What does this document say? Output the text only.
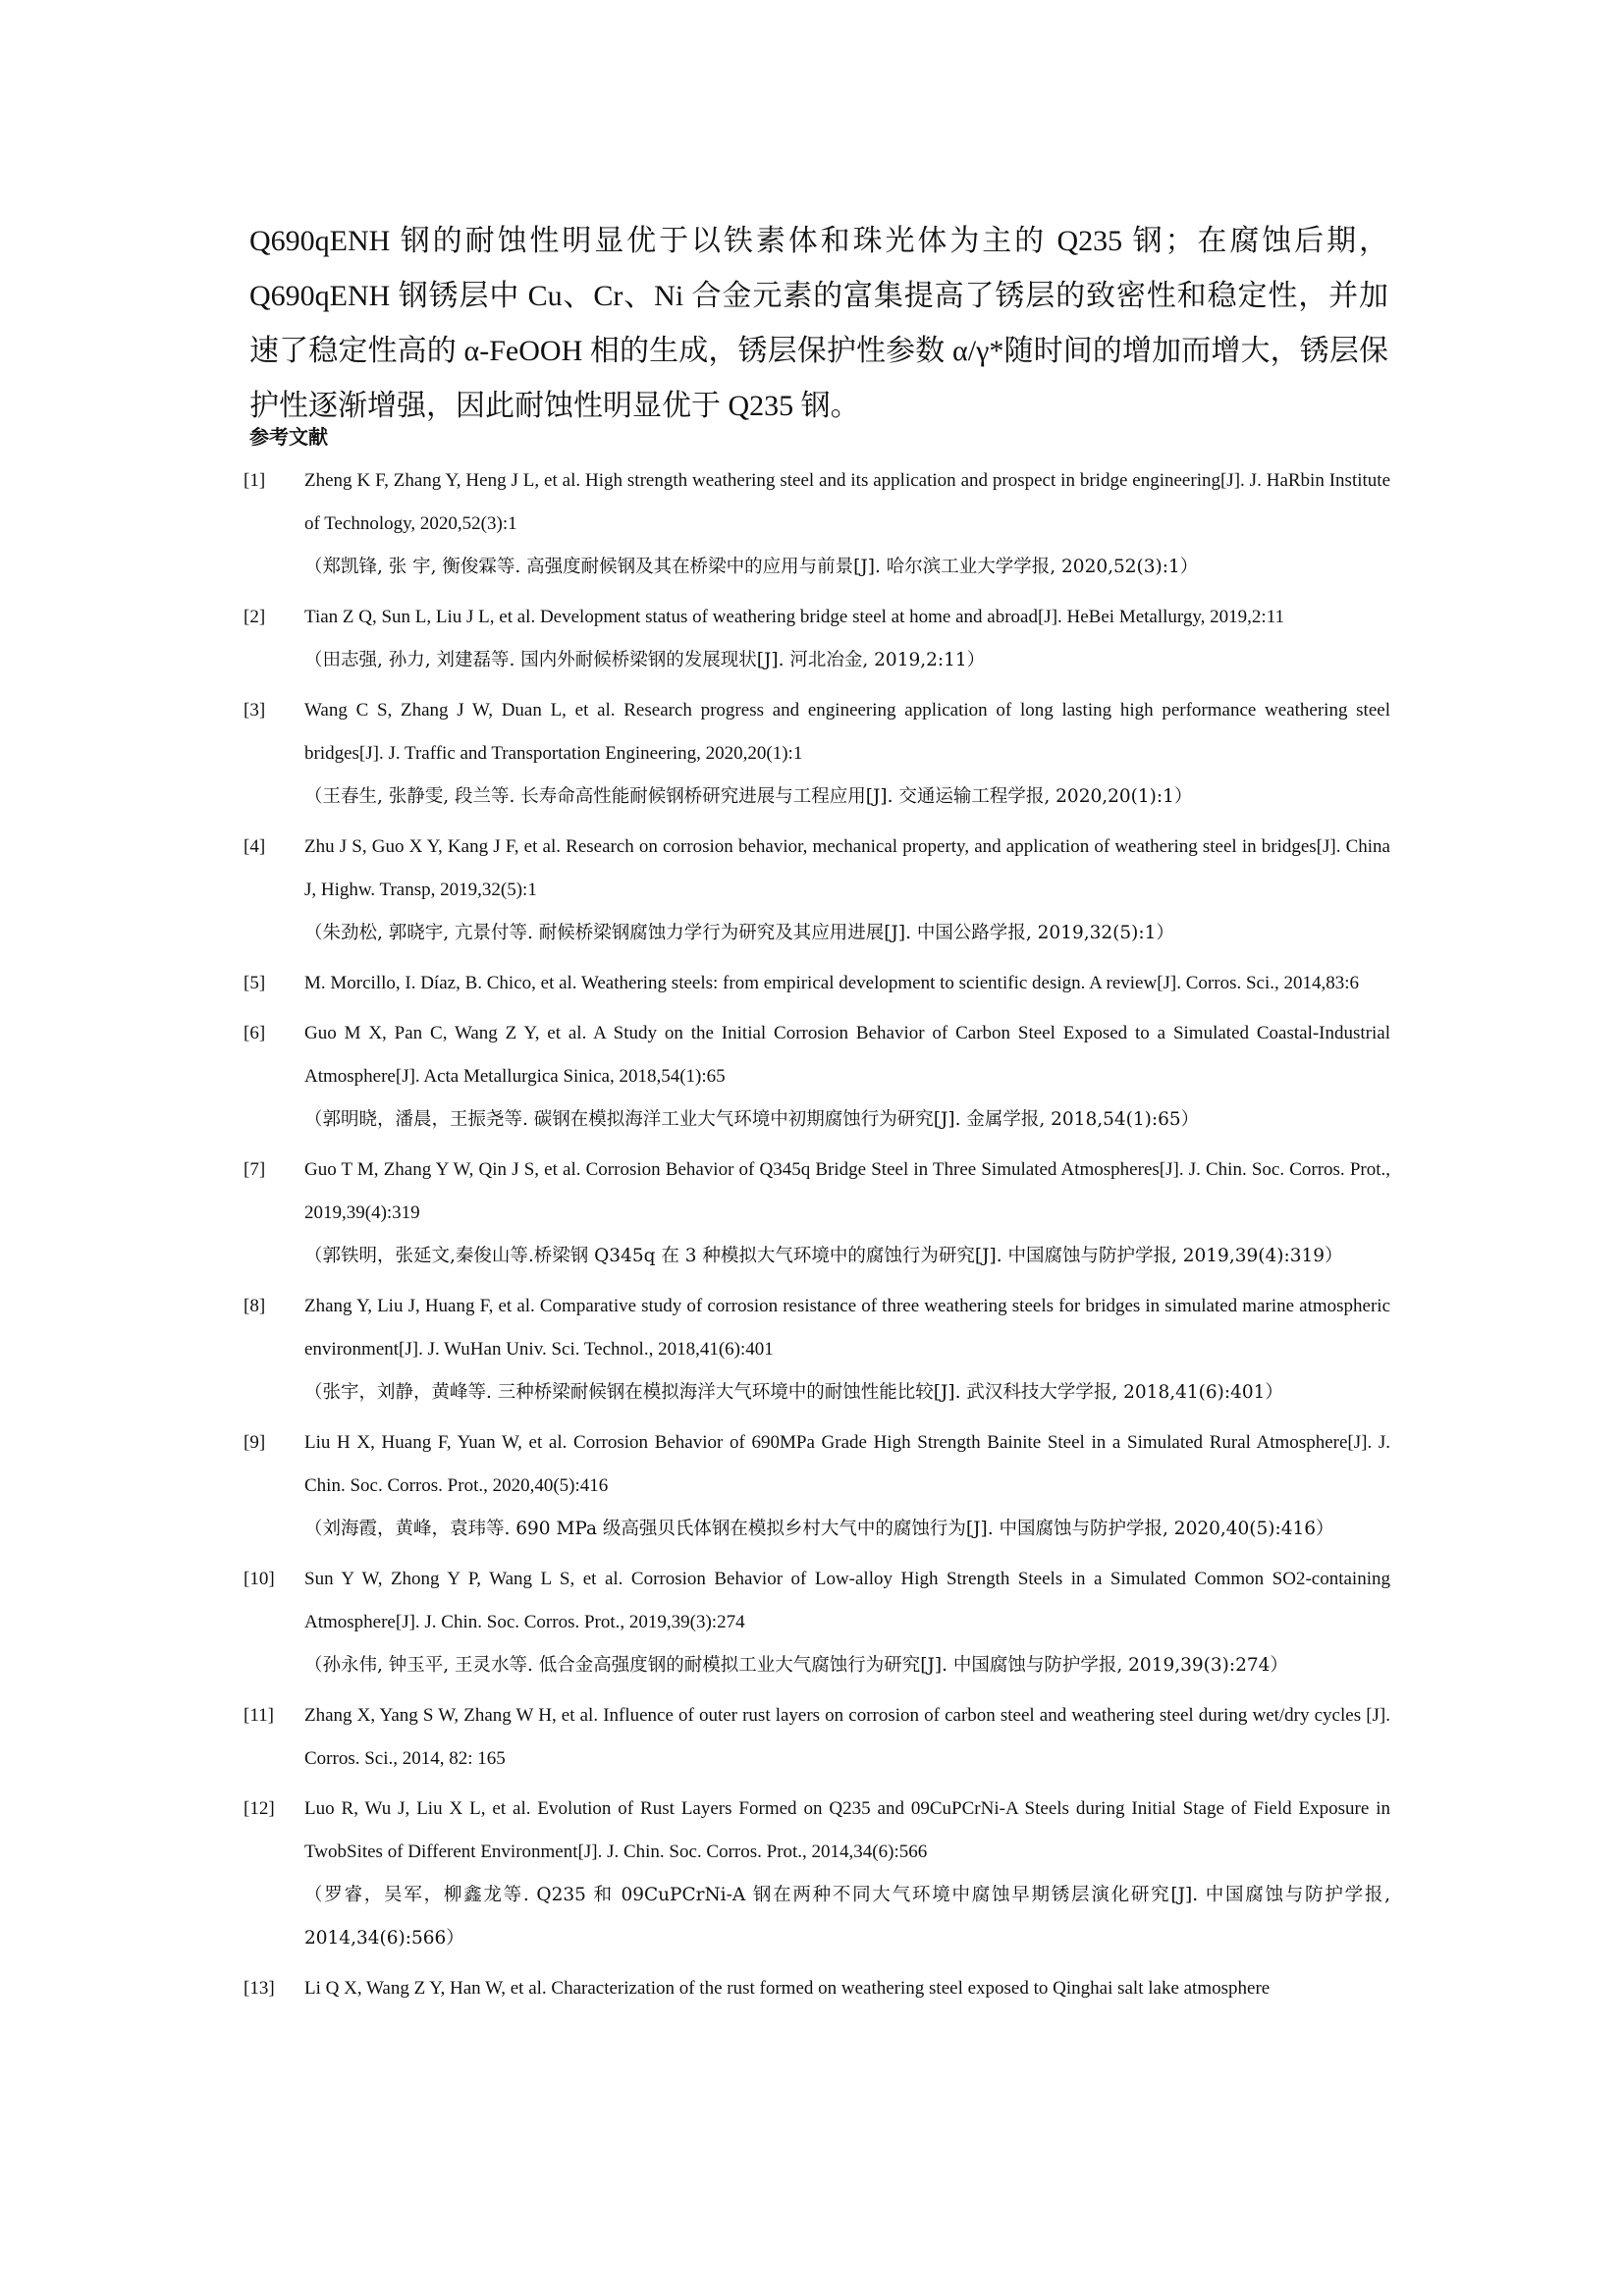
Q690qENH 钢的耐蚀性明显优于以铁素体和珠光体为主的 Q235 钢；在腐蚀后期，Q690qENH 钢锈层中 Cu、Cr、Ni 合金元素的富集提高了锈层的致密性和稳定性，并加速了稳定性高的 α-FeOOH 相的生成，锈层保护性参数 α/γ*随时间的增加而增大，锈层保护性逐渐增强，因此耐蚀性明显优于 Q235 钢。

参考文献
[1] Zheng K F, Zhang Y, Heng J L, et al. High strength weathering steel and its application and prospect in bridge engineering[J]. J. HaRbin Institute of Technology, 2020,52(3):1
（郑凯锋, 张 宇, 衡俊霖等. 高强度耐候钢及其在桥梁中的应用与前景[J]. 哈尔滨工业大学学报, 2020,52(3):1）
[2] Tian Z Q, Sun L, Liu J L, et al. Development status of weathering bridge steel at home and abroad[J]. HeBei Metallurgy, 2019,2:11
（田志强, 孙力, 刘建磊等. 国内外耐候桥梁钢的发展现状[J]. 河北冶金, 2019,2:11）
[3] Wang C S, Zhang J W, Duan L, et al. Research progress and engineering application of long lasting high performance weathering steel bridges[J]. J. Traffic and Transportation Engineering, 2020,20(1):1
（王春生, 张静雯, 段兰等. 长寿命高性能耐候钢桥研究进展与工程应用[J]. 交通运输工程学报, 2020,20(1):1）
[4] Zhu J S, Guo X Y, Kang J F, et al. Research on corrosion behavior, mechanical property, and application of weathering steel in bridges[J]. China J, Highw. Transp, 2019,32(5):1
（朱劲松, 郭晓宇, 亢景付等. 耐候桥梁钢腐蚀力学行为研究及其应用进展[J]. 中国公路学报, 2019,32(5):1）
[5] M. Morcillo, I. Díaz, B. Chico, et al. Weathering steels: from empirical development to scientific design. A review[J]. Corros. Sci., 2014,83:6
[6] Guo M X, Pan C, Wang Z Y, et al. A Study on the Initial Corrosion Behavior of Carbon Steel Exposed to a Simulated Coastal-Industrial Atmosphere[J]. Acta Metallurgica Sinica, 2018,54(1):65
（郭明晓，潘晨，王振尧等. 碳钢在模拟海洋工业大气环境中初期腐蚀行为研究[J]. 金属学报, 2018,54(1):65）
[7] Guo T M, Zhang Y W, Qin J S, et al. Corrosion Behavior of Q345q Bridge Steel in Three Simulated Atmospheres[J]. J. Chin. Soc. Corros. Prot., 2019,39(4):319
（郭铁明，张延文,秦俊山等.桥梁钢 Q345q 在 3 种模拟大气环境中的腐蚀行为研究[J]. 中国腐蚀与防护学报, 2019,39(4):319）
[8] Zhang Y, Liu J, Huang F, et al. Comparative study of corrosion resistance of three weathering steels for bridges in simulated marine atmospheric environment[J]. J. WuHan Univ. Sci. Technol., 2018,41(6):401
（张宇，刘静，黄峰等. 三种桥梁耐候钢在模拟海洋大气环境中的耐蚀性能比较[J]. 武汉科技大学学报, 2018,41(6):401）
[9] Liu H X, Huang F, Yuan W, et al. Corrosion Behavior of 690MPa Grade High Strength Bainite Steel in a Simulated Rural Atmosphere[J]. J. Chin. Soc. Corros. Prot., 2020,40(5):416
（刘海霞，黄峰，袁玮等. 690 MPa 级高强贝氏体钢在模拟乡村大气中的腐蚀行为[J]. 中国腐蚀与防护学报, 2020,40(5):416）
[10] Sun Y W, Zhong Y P, Wang L S, et al. Corrosion Behavior of Low-alloy High Strength Steels in a Simulated Common SO2-containing Atmosphere[J]. J. Chin. Soc. Corros. Prot., 2019,39(3):274
（孙永伟, 钟玉平, 王灵水等. 低合金高强度钢的耐模拟工业大气腐蚀行为研究[J]. 中国腐蚀与防护学报, 2019,39(3):274）
[11] Zhang X, Yang S W, Zhang W H, et al. Influence of outer rust layers on corrosion of carbon steel and weathering steel during wet/dry cycles [J]. Corros. Sci., 2014, 82: 165
[12] Luo R, Wu J, Liu X L, et al. Evolution of Rust Layers Formed on Q235 and 09CuPCrNi-A Steels during Initial Stage of Field Exposure in TwobSites of Different Environment[J]. J. Chin. Soc. Corros. Prot., 2014,34(6):566
（罗睿，吴军，柳鑫龙等. Q235 和 09CuPCrNi-A 钢在两种不同大气环境中腐蚀早期锈层演化研究[J]. 中国腐蚀与防护学报, 2014,34(6):566）
[13] Li Q X, Wang Z Y, Han W, et al. Characterization of the rust formed on weathering steel exposed to Qinghai salt lake atmosphere
